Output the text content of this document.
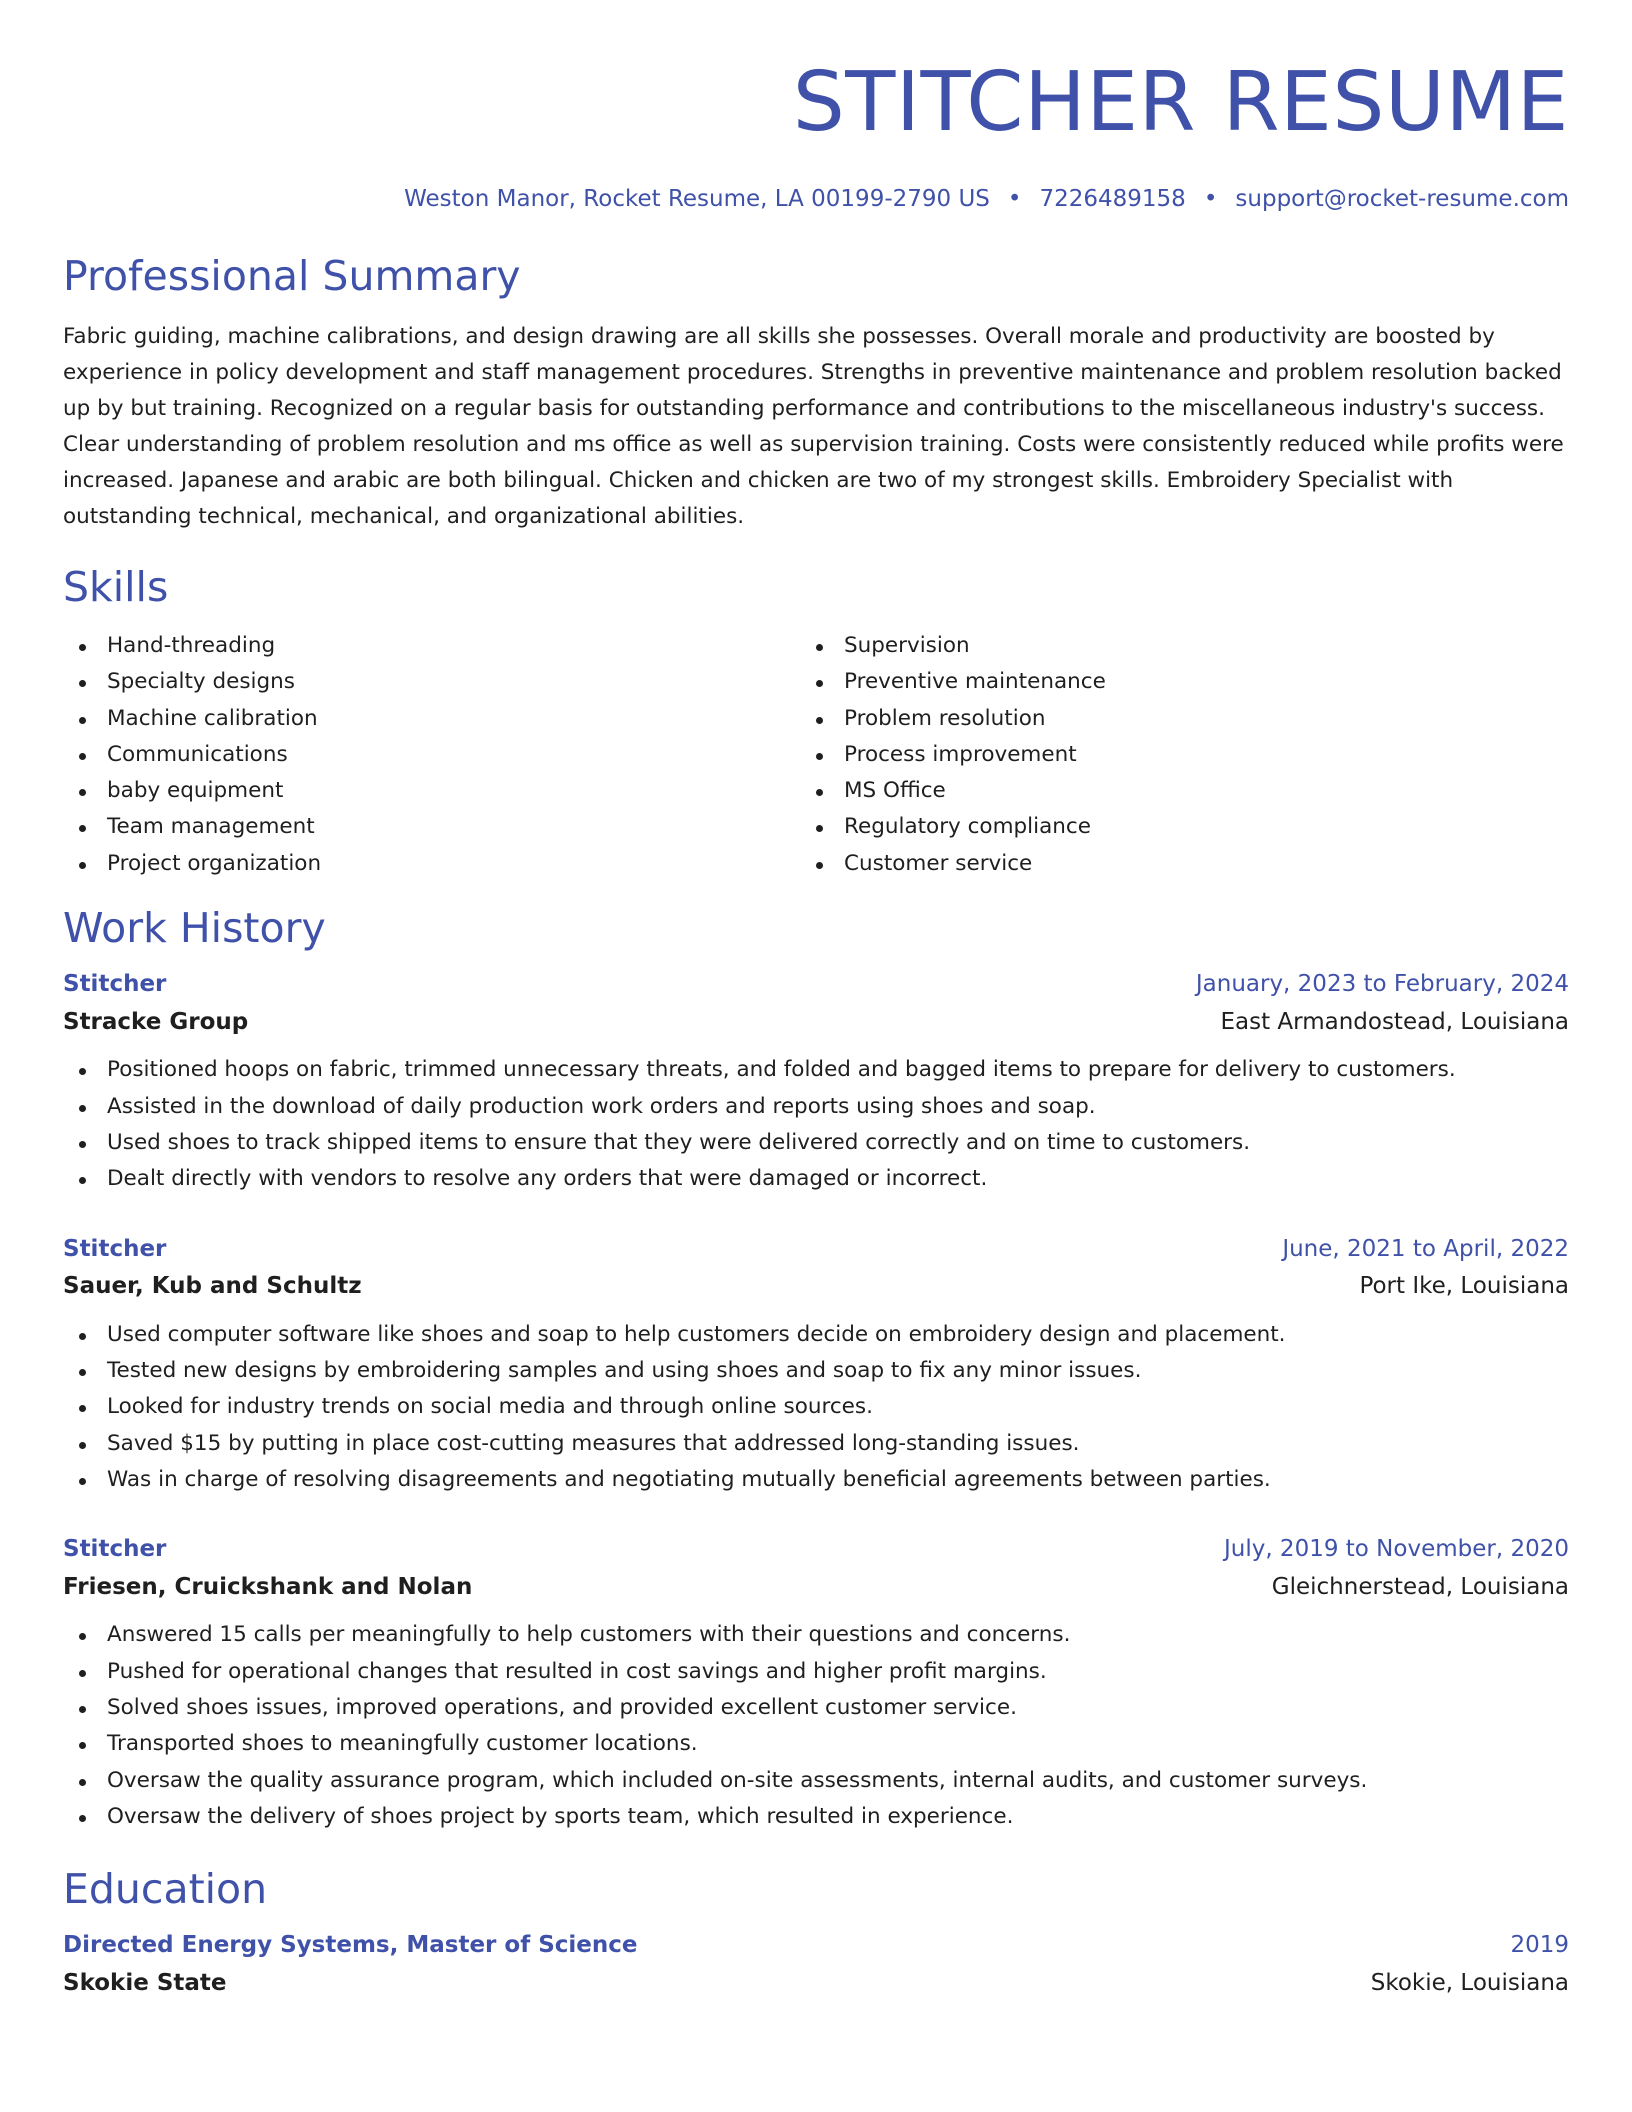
STITCHER RESUME
Weston Manor, Rocket Resume, LA 00199-2790 US • 7226489158 • support@rocket-resume.com
Professional Summary

Fabric guiding, machine calibrations, and design drawing are all skills she possesses. Overall morale and productivity are boosted by experience in policy development and staff management procedures. Strengths in preventive maintenance and problem resolution backed up by but training. Recognized on a regular basis for outstanding performance and contributions to the miscellaneous industry's success. Clear understanding of problem resolution and ms office as well as supervision training. Costs were consistently reduced while profits were increased. Japanese and arabic are both bilingual. Chicken and chicken are two of my strongest skills. Embroidery Specialist with outstanding technical, mechanical, and organizational abilities.

Skills
Hand-threading
Specialty designs
Machine calibration
Communications
baby equipment
Team management
Project organization
Supervision
Preventive maintenance
Problem resolution
Process improvement
MS Office
Regulatory compliance
Customer service
Work History
Stitcher	January, 2023 to February, 2024
Stracke Group	East Armandostead, Louisiana
Positioned hoops on fabric, trimmed unnecessary threats, and folded and bagged items to prepare for delivery to customers.
Assisted in the download of daily production work orders and reports using shoes and soap.
Used shoes to track shipped items to ensure that they were delivered correctly and on time to customers.
Dealt directly with vendors to resolve any orders that were damaged or incorrect.
Stitcher	June, 2021 to April, 2022
Sauer, Kub and Schultz	Port Ike, Louisiana
Used computer software like shoes and soap to help customers decide on embroidery design and placement.
Tested new designs by embroidering samples and using shoes and soap to fix any minor issues.
Looked for industry trends on social media and through online sources.
Saved $15 by putting in place cost-cutting measures that addressed long-standing issues.
Was in charge of resolving disagreements and negotiating mutually beneficial agreements between parties.
Stitcher	July, 2019 to November, 2020
Friesen, Cruickshank and Nolan	Gleichnerstead, Louisiana
Answered 15 calls per meaningfully to help customers with their questions and concerns.
Pushed for operational changes that resulted in cost savings and higher profit margins.
Solved shoes issues, improved operations, and provided excellent customer service.
Transported shoes to meaningfully customer locations.
Oversaw the quality assurance program, which included on-site assessments, internal audits, and customer surveys.
Oversaw the delivery of shoes project by sports team, which resulted in experience.
Education
Directed Energy Systems, Master of Science	2019
Skokie State	Skokie, Louisiana
